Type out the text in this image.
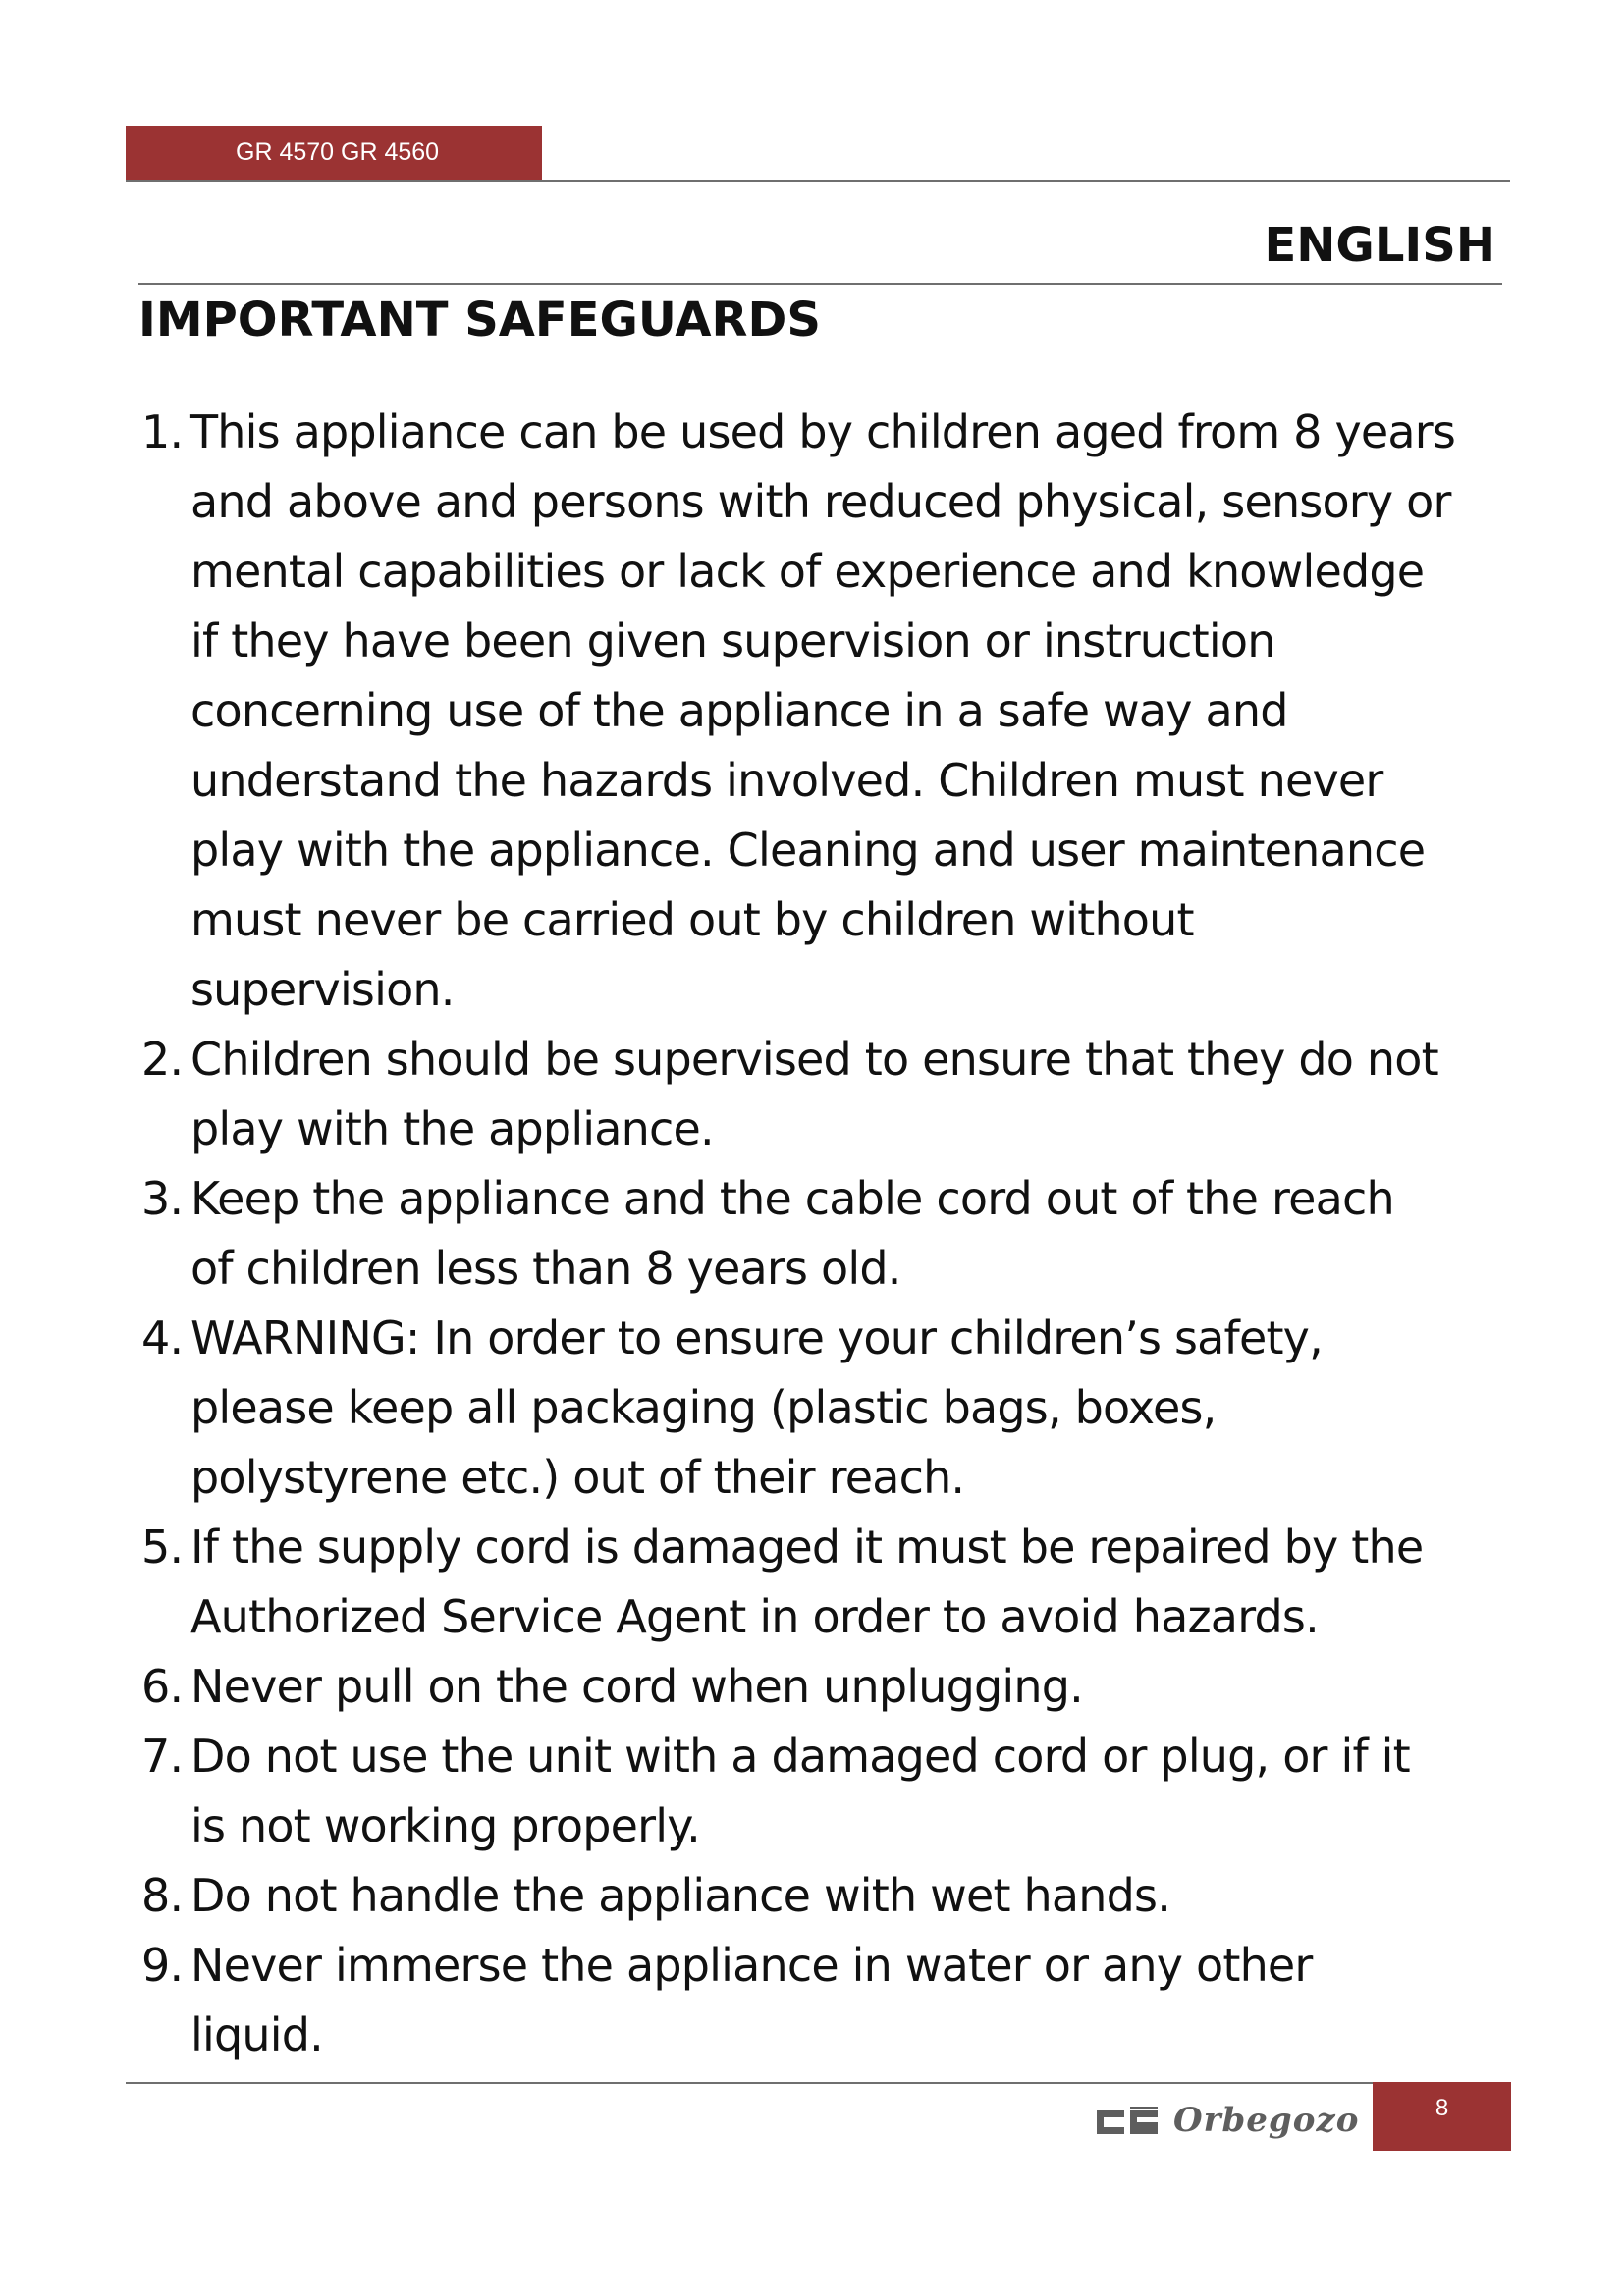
GR 4570 GR 4560
ENGLISH
IMPORTANT SAFEGUARDS
1. This appliance can be used by children aged from 8 years
and above and persons with reduced physical, sensory or
mental capabilities or lack of experience and knowledge
if they have been given supervision or instruction
concerning use of the appliance in a safe way and
understand the hazards involved. Children must never
play with the appliance. Cleaning and user maintenance
must never be carried out by children without
supervision.
2. Children should be supervised to ensure that they do not
play with the appliance.
3. Keep the appliance and the cable cord out of the reach
of children less than 8 years old.
4. WARNING: In order to ensure your children’s safety,
please keep all packaging (plastic bags, boxes,
polystyrene etc.) out of their reach.
5. If the supply cord is damaged it must be repaired by the
Authorized Service Agent in order to avoid hazards.
6. Never pull on the cord when unplugging.
7. Do not use the unit with a damaged cord or plug, or if it
is not working properly.
8. Do not handle the appliance with wet hands.
9. Never immerse the appliance in water or any other
liquid.
Orbegozo	8
